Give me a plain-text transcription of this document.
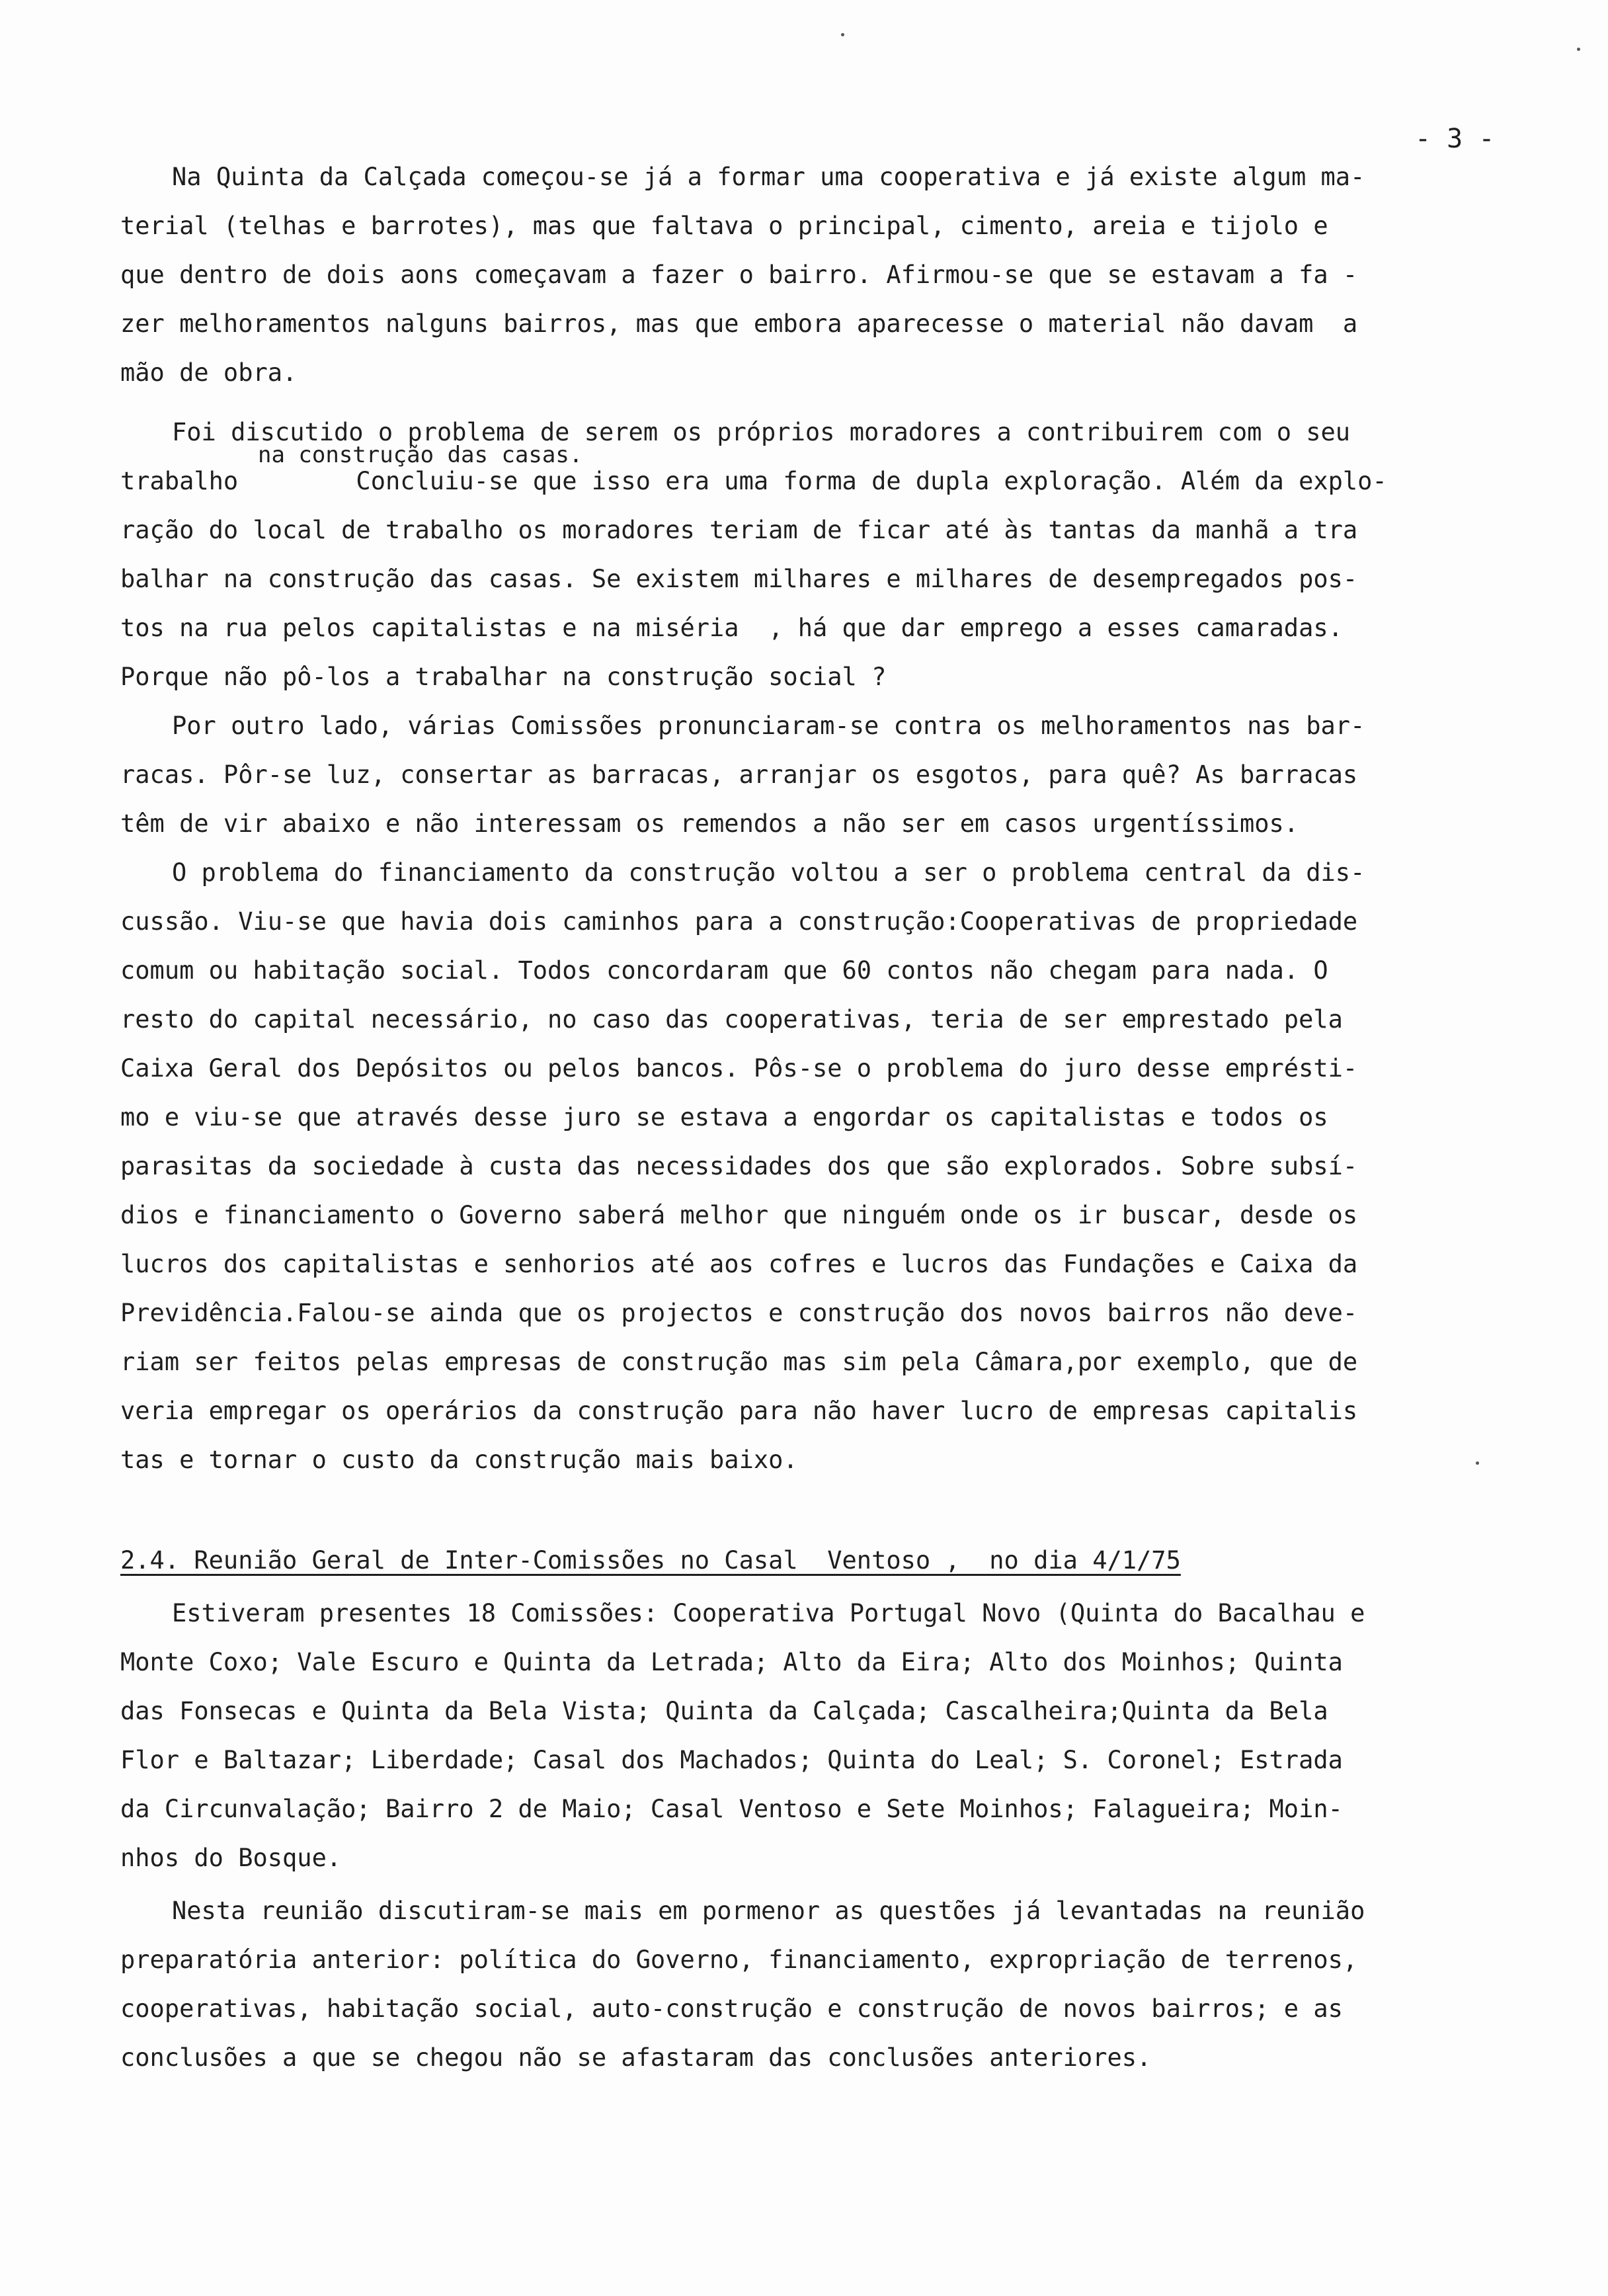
- 3 -
Na Quinta da Calçada começou-se já a formar uma cooperativa e já existe algum ma-
terial (telhas e barrotes), mas que faltava o principal, cimento, areia e tijolo e
que dentro de dois aons começavam a fazer o bairro. Afirmou-se que se estavam a fa -
zer melhoramentos nalguns bairros, mas que embora aparecesse o material não davam  a
mão de obra.
Foi discutido o problema de serem os próprios moradores a contribuirem com o seu
na construção das casas.
trabalho        Concluiu-se que isso era uma forma de dupla exploração. Além da explo-
ração do local de trabalho os moradores teriam de ficar até às tantas da manhã a tra
balhar na construção das casas. Se existem milhares e milhares de desempregados pos-
tos na rua pelos capitalistas e na miséria  , há que dar emprego a esses camaradas.
Porque não pô-los a trabalhar na construção social ?
Por outro lado, várias Comissões pronunciaram-se contra os melhoramentos nas bar-
racas. Pôr-se luz, consertar as barracas, arranjar os esgotos, para quê? As barracas
têm de vir abaixo e não interessam os remendos a não ser em casos urgentíssimos.
O problema do financiamento da construção voltou a ser o problema central da dis-
cussão. Viu-se que havia dois caminhos para a construção:Cooperativas de propriedade
comum ou habitação social. Todos concordaram que 60 contos não chegam para nada. O
resto do capital necessário, no caso das cooperativas, teria de ser emprestado pela
Caixa Geral dos Depósitos ou pelos bancos. Pôs-se o problema do juro desse emprésti-
mo e viu-se que através desse juro se estava a engordar os capitalistas e todos os
parasitas da sociedade à custa das necessidades dos que são explorados. Sobre subsí-
dios e financiamento o Governo saberá melhor que ninguém onde os ir buscar, desde os
lucros dos capitalistas e senhorios até aos cofres e lucros das Fundações e Caixa da
Previdência.Falou-se ainda que os projectos e construção dos novos bairros não deve-
riam ser feitos pelas empresas de construção mas sim pela Câmara,por exemplo, que de
veria empregar os operários da construção para não haver lucro de empresas capitalis
tas e tornar o custo da construção mais baixo.
2.4. Reunião Geral de Inter-Comissões no Casal  Ventoso ,  no dia 4/1/75
Estiveram presentes 18 Comissões: Cooperativa Portugal Novo (Quinta do Bacalhau e
Monte Coxo; Vale Escuro e Quinta da Letrada; Alto da Eira; Alto dos Moinhos; Quinta
das Fonsecas e Quinta da Bela Vista; Quinta da Calçada; Cascalheira;Quinta da Bela
Flor e Baltazar; Liberdade; Casal dos Machados; Quinta do Leal; S. Coronel; Estrada
da Circunvalação; Bairro 2 de Maio; Casal Ventoso e Sete Moinhos; Falagueira; Moin-
nhos do Bosque.
Nesta reunião discutiram-se mais em pormenor as questões já levantadas na reunião
preparatória anterior: política do Governo, financiamento, expropriação de terrenos,
cooperativas, habitação social, auto-construção e construção de novos bairros; e as
conclusões a que se chegou não se afastaram das conclusões anteriores.
